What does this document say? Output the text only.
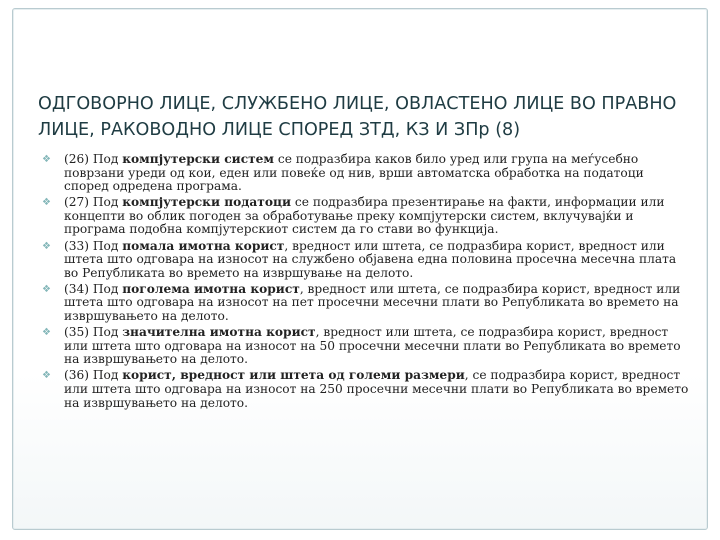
ОДГОВОРНО ЛИЦЕ, СЛУЖБЕНО ЛИЦЕ, ОВЛАСТЕНО ЛИЦЕ ВО ПРАВНО ЛИЦЕ, РАКОВОДНО ЛИЦЕ СПОРЕД ЗТД, КЗ И ЗПр (8)
❖ (26) Под компјутерски систем се подразбира каков било уред или група на меѓусебно поврзани уреди од кои, еден или повеќе од нив, врши автоматска обработка на податоци според одредена програма.
❖ (27) Под компјутерски податоци се подразбира презентирање на факти, информации или концепти во облик погоден за обработување преку компјутерски систем, вклучувајќи и програма подобна компјутерскиот систем да го стави во функција.
❖ (33) Под помала имотна корист, вредност или штета, се подразбира корист, вредност или штета што одговара на износот на службено објавена една половина просечна месечна плата во Републиката во времето на извршување на делото.
❖ (34) Под поголема имотна корист, вредност или штета, се подразбира корист, вредност или штета што одговара на износот на пет просечни месечни плати во Републиката во времето на извршувањето на делото.
❖ (35) Под значителна имотна корист, вредност или штета, се подразбира корист, вредност или штета што одговара на износот на 50 просечни месечни плати во Републиката во времето на извршувањето на делото.
❖ (36) Под корист, вредност или штета од големи размери, се подразбира корист, вредност или штета што одговара на износот на 250 просечни месечни плати во Републиката во времето на извршувањето на делото.
